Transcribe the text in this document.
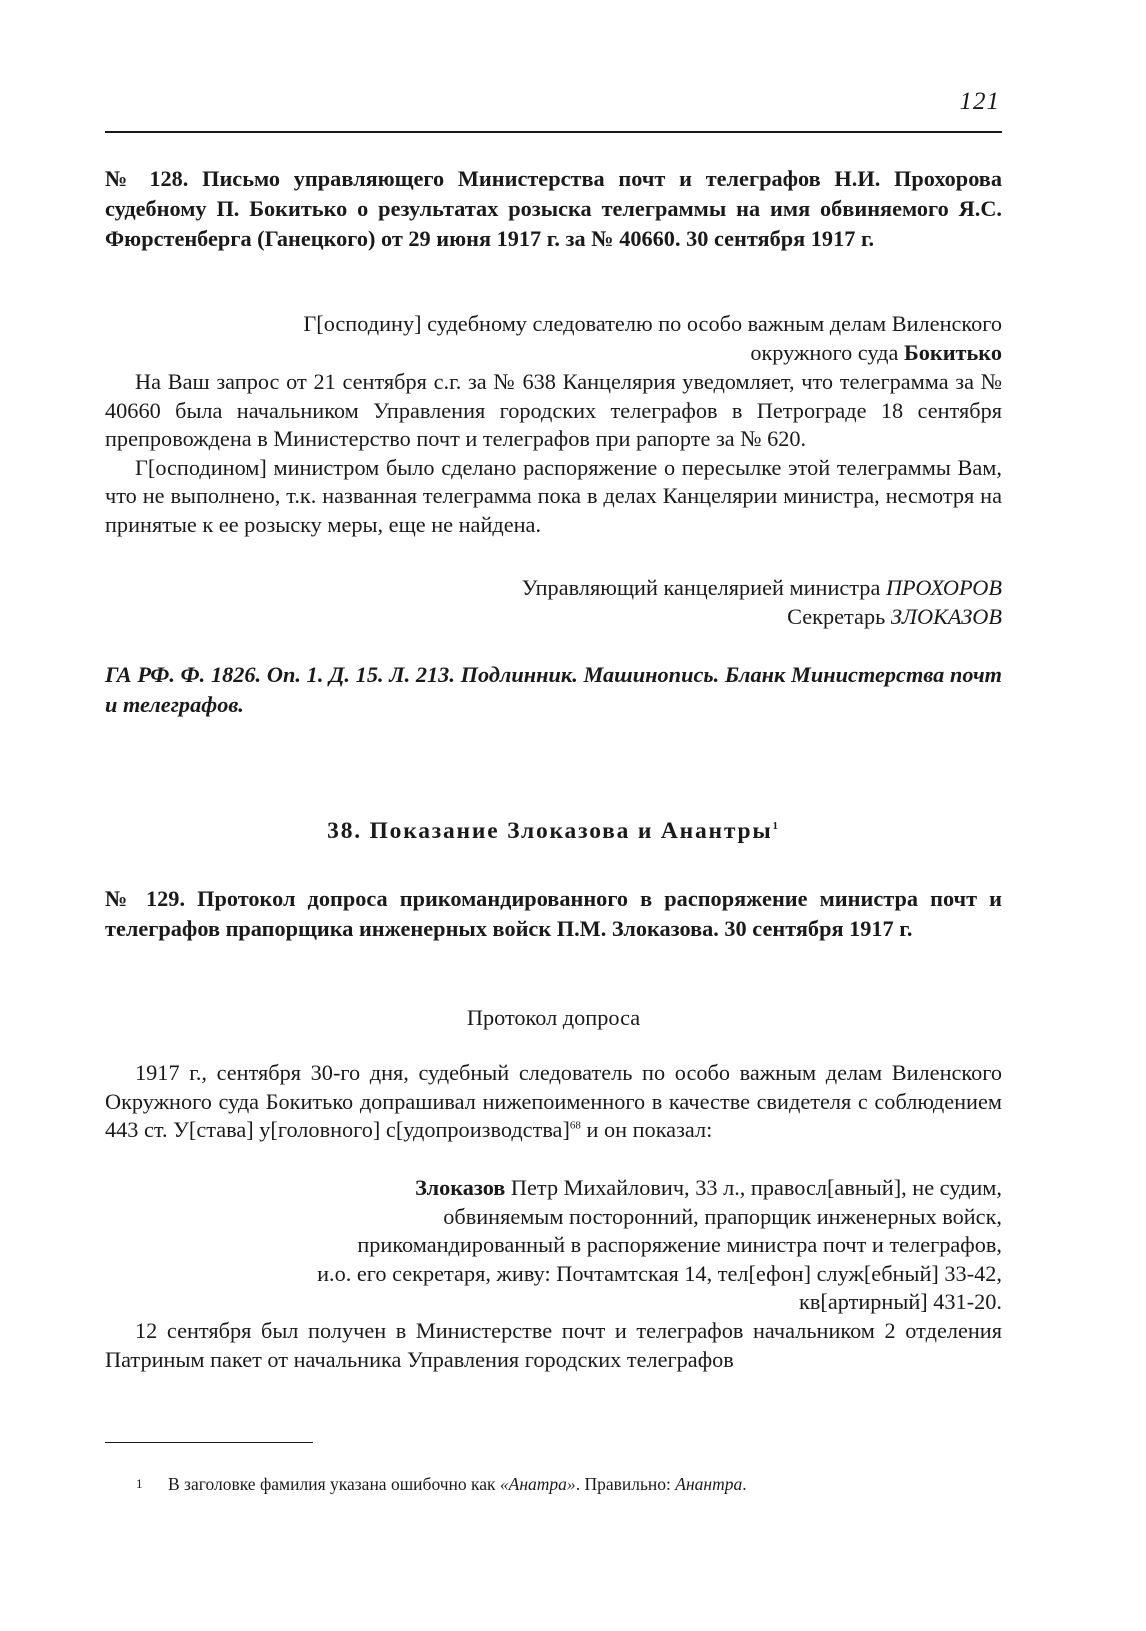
121
№ 128. Письмо управляющего Министерства почт и телеграфов Н.И. Прохорова судебному П. Бокитько о результатах розыска телеграммы на имя обвиняемого Я.С. Фюрстенберга (Ганецкого) от 29 июня 1917 г. за № 40660. 30 сентября 1917 г.

Г[осподину] судебному следователю по особо важным делам Виленского

окружного суда Бокитько

На Ваш запрос от 21 сентября с.г. за № 638 Канцелярия уведомляет, что телеграмма за № 40660 была начальником Управления городских телеграфов в Петрограде 18 сентября препровождена в Министерство почт и телеграфов при рапорте за № 620.

Г[осподином] министром было сделано распоряжение о пересылке этой телеграммы Вам, что не выполнено, т.к. названная телеграмма пока в делах Канцелярии министра, несмотря на принятые к ее розыску меры, еще не найдена.

Управляющий канцелярией министра ПРОХОРОВ

Секретарь ЗЛОКАЗОВ

ГА РФ. Ф. 1826. Оп. 1. Д. 15. Л. 213. Подлинник. Машинопись. Бланк Министерства почт и телеграфов.
38. Показание Злоказова и Анантры$^1$
№ 129. Протокол допроса прикомандированного в распоряжение министра почт и телеграфов прапорщика инженерных войск П.М. Злоказова. 30 сентября 1917 г.
Протокол допроса

1917 г., сентября 30-го дня, судебный следователь по особо важным делам Виленского Окружного суда Бокитько допрашивал нижепоименного в качестве свидетеля с соблюдением 443 ст. У[става] у[головного] с[удопроизводства]$^{68}$ и он показал:

Злоказов Петр Михайлович, 33 л., правосл[авный], не судим,

обвиняемым посторонний, прапорщик инженерных войск,

прикомандированный в распоряжение министра почт и телеграфов,

и.о. его секретаря, живу: Почтамтская 14, тел[ефон] служ[ебный] 33-42,

кв[артирный] 431-20.

12 сентября был получен в Министерстве почт и телеграфов начальником 2 отделения Патриным пакет от начальника Управления городских телеграфов

1 В заголовке фамилия указана ошибочно как «Анатра». Правильно: Анантра.
